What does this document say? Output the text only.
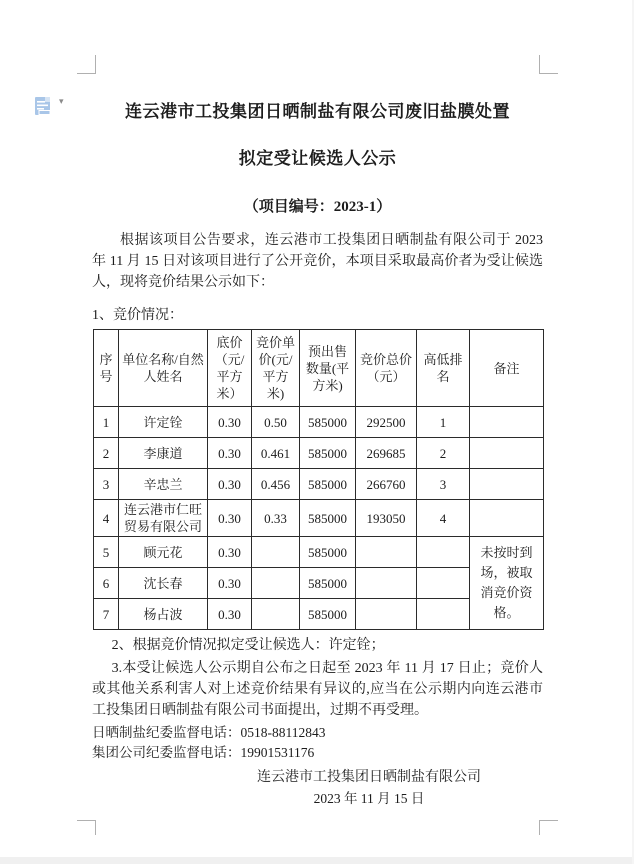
▾
连云港市工投集团日晒制盐有限公司废旧盐膜处置
拟定受让候选人公示
（项目编号：2023-1）

根据该项目公告要求，连云港市工投集团日晒制盐有限公司于 2023 年 11 月 15 日对该项目进行了公开竞价，本项目采取最高价者为受让候选人，现将竞价结果公示如下：

1、竞价情况：

序号	单位名称/自然人姓名	底价（元/平方米）	竞价单价(元/平方米)	预出售数量(平方米)	竞价总价（元）	高低排名	备注
1	许定铨	0.30	0.50	585000	292500	1	
2	李康道	0.30	0.461	585000	269685	2	
3	辛忠兰	0.30	0.456	585000	266760	3	
4	连云港市仁旺贸易有限公司	0.30	0.33	585000	193050	4	
5	顾元花	0.30		585000			未按时到场，被取消竞价资格。
6	沈长春	0.30		585000			
7	杨占波	0.30		585000			

2、根据竞价情况拟定受让候选人：许定铨；

3.本受让候选人公示期自公布之日起至 2023 年 11 月 17 日止；竞价人或其他关系利害人对上述竞价结果有异议的,应当在公示期内向连云港市工投集团日晒制盐有限公司书面提出，过期不再受理。

日晒制盐纪委监督电话：0518-88112843

集团公司纪委监督电话：19901531176

连云港市工投集团日晒制盐有限公司
2023 年 11 月 15 日
